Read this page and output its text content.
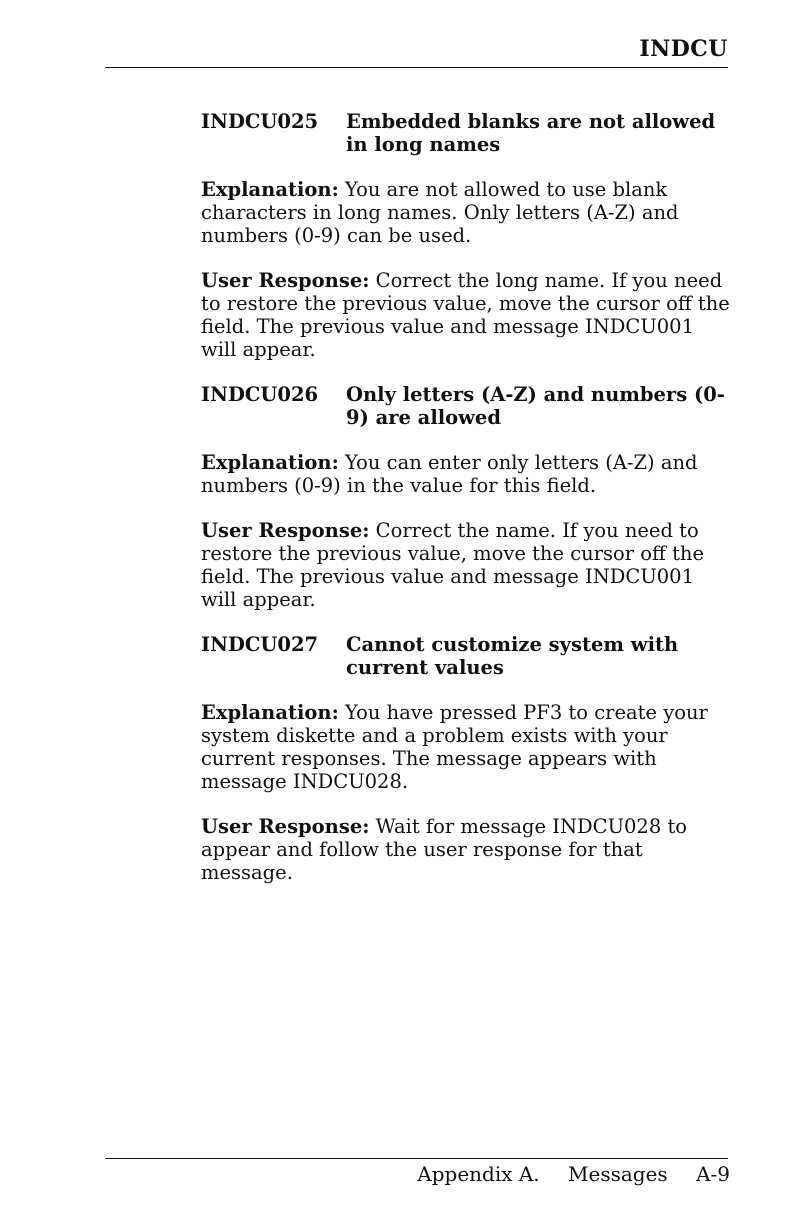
INDCU
INDCU025	Embedded blanks are not allowed in long names

Explanation: You are not allowed to use blank characters in long names. Only letters (A-Z) and numbers (0-9) can be used.

User Response: Correct the long name. If you need to restore the previous value, move the cursor off the field. The previous value and message INDCU001 will appear.

INDCU026	Only letters (A-Z) and numbers (0-9) are allowed

Explanation: You can enter only letters (A-Z) and numbers (0-9) in the value for this field.

User Response: Correct the name. If you need to restore the previous value, move the cursor off the field. The previous value and message INDCU001 will appear.

INDCU027	Cannot customize system with current values

Explanation: You have pressed PF3 to create your system diskette and a problem exists with your current responses. The message appears with message INDCU028.

User Response: Wait for message INDCU028 to appear and follow the user response for that message.

Appendix A. Messages A-9
